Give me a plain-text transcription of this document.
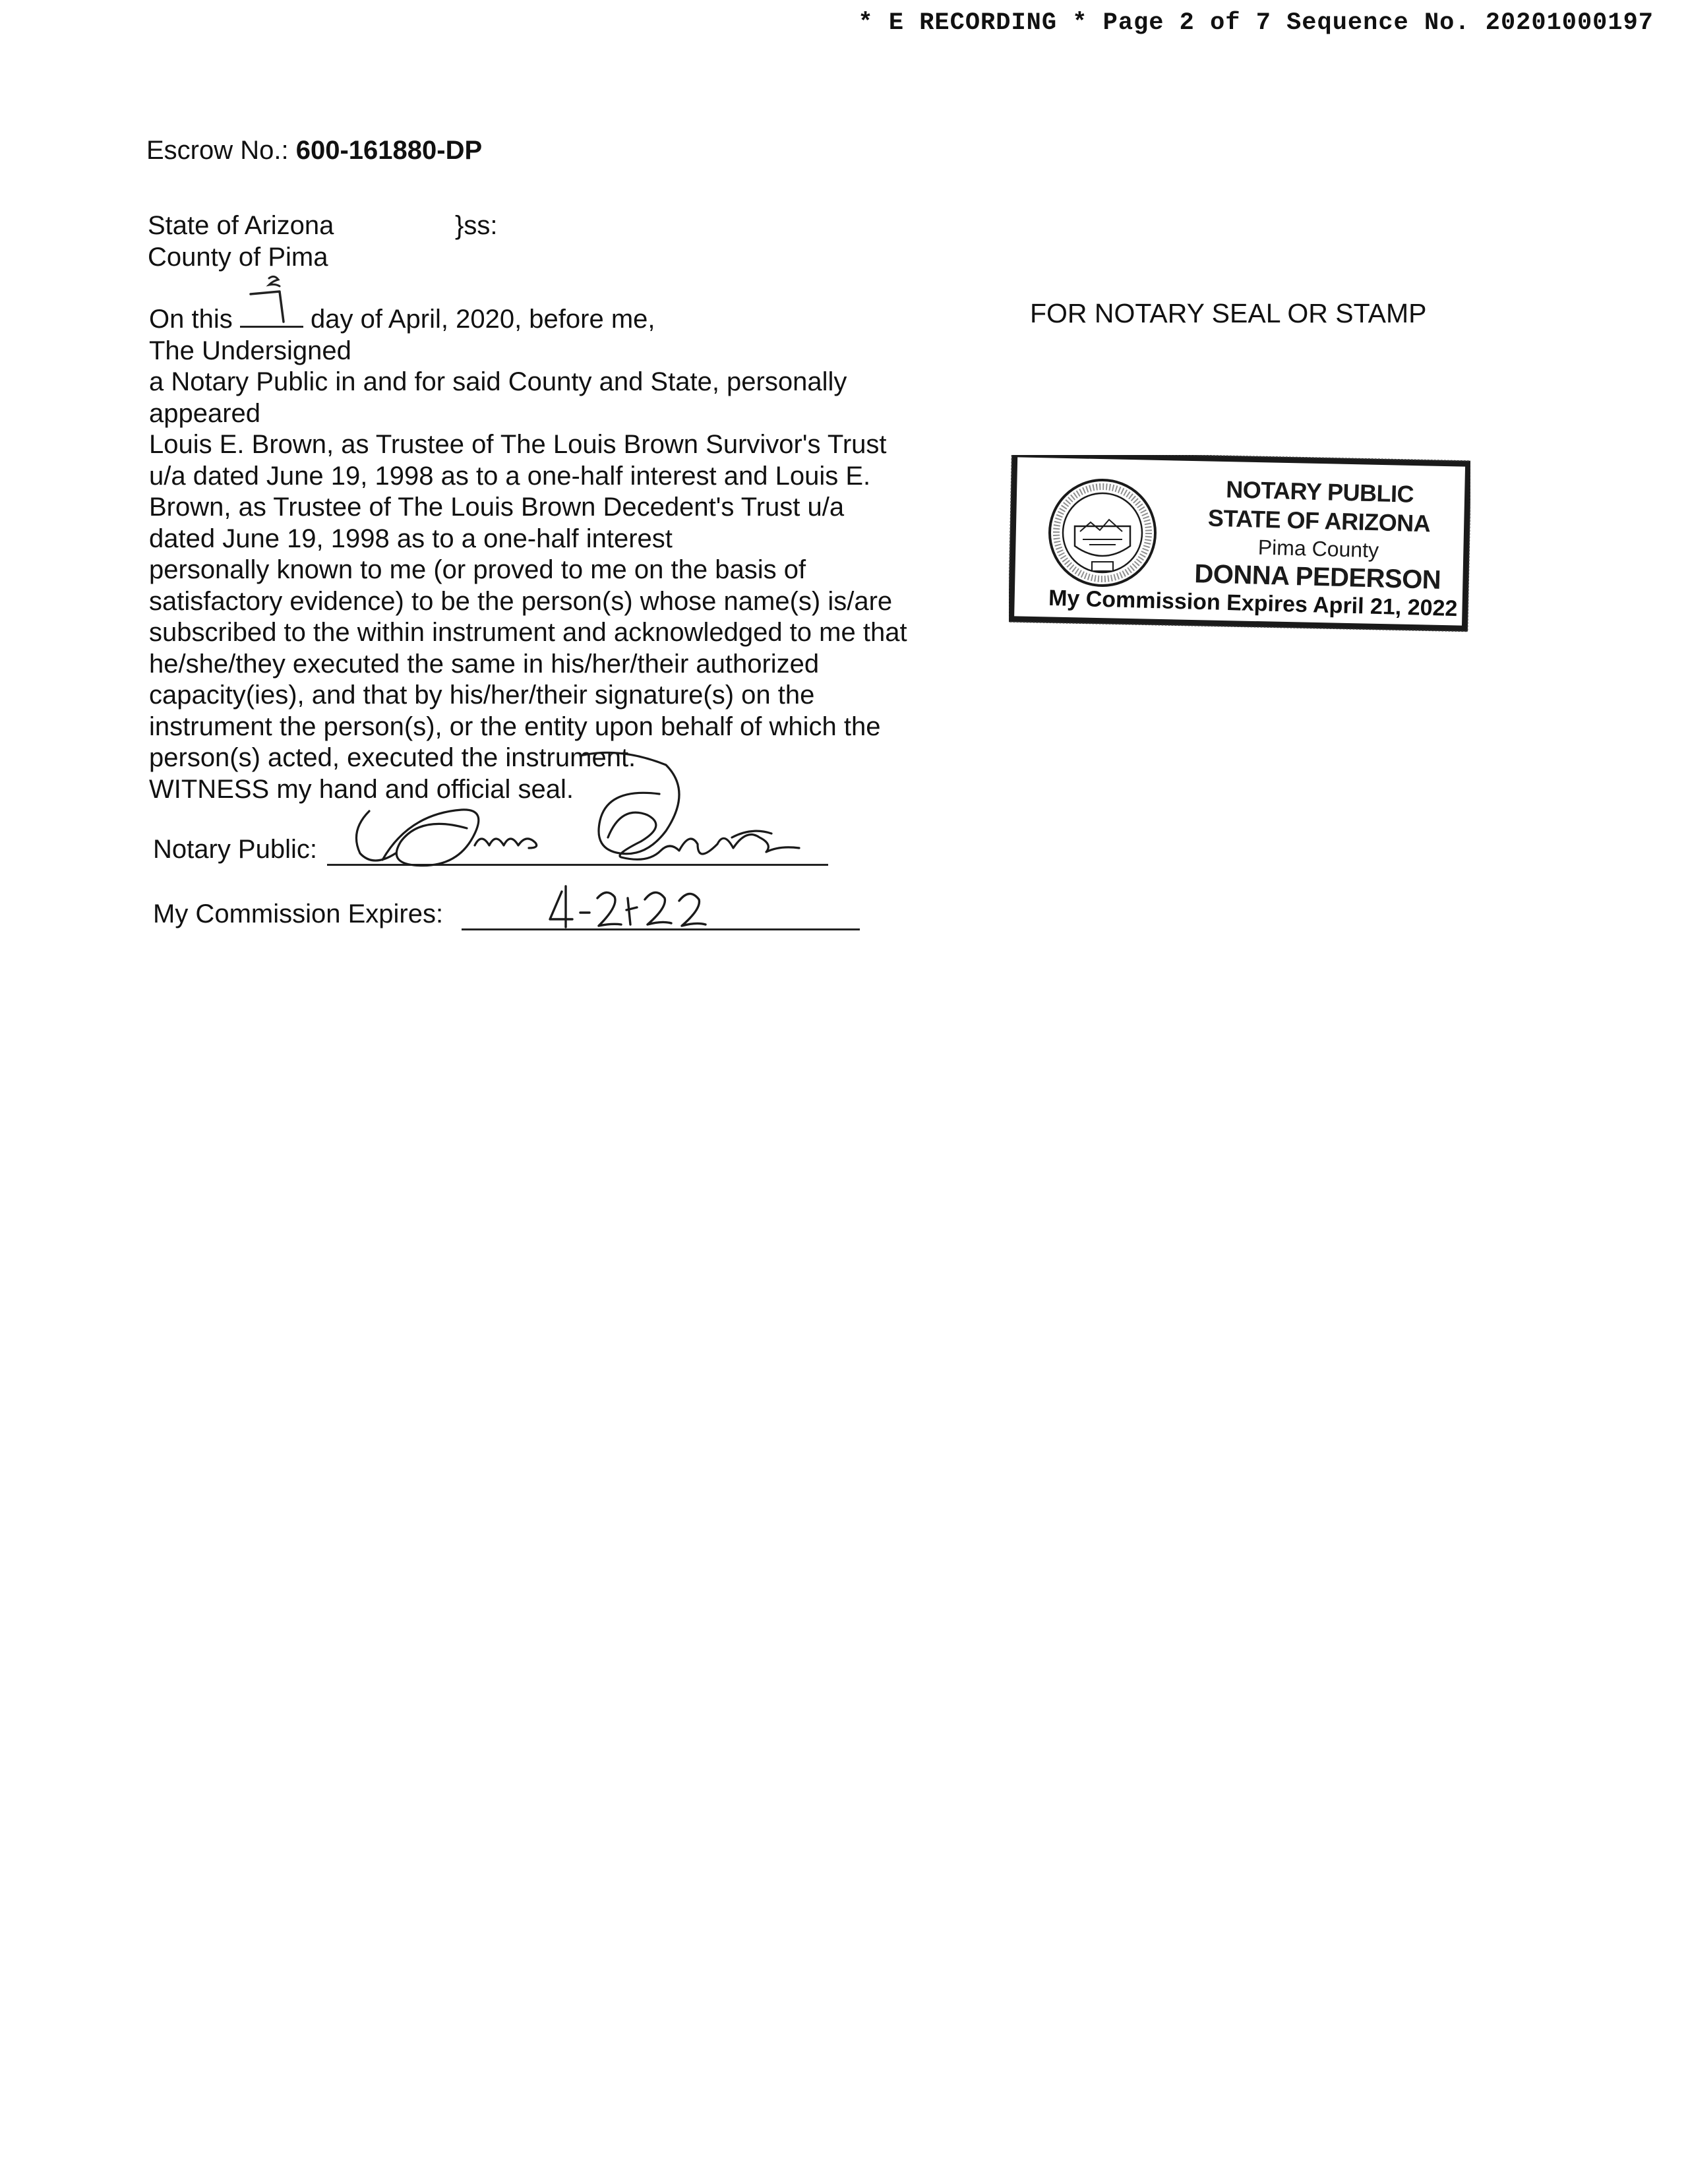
* E RECORDING * Page 2 of 7 Sequence No. 20201000197
Escrow No.: 600-161880-DP
State of Arizona
County of Pima
}ss:
On this	day of April, 2020, before me,
The Undersigned
a Notary Public in and for said County and State, personally
appeared
Louis E. Brown, as Trustee of The Louis Brown Survivor's Trust
u/a dated June 19, 1998 as to a one-half interest and Louis E.
Brown, as Trustee of The Louis Brown Decedent's Trust u/a
dated June 19, 1998 as to a one-half interest
personally known to me (or proved to me on the basis of
satisfactory evidence) to be the person(s) whose name(s) is/are
subscribed to the within instrument and acknowledged to me that
he/she/they executed the same in his/her/their authorized
capacity(ies), and that by his/her/their signature(s) on the
instrument the person(s), or the entity upon behalf of which the
person(s) acted, executed the instrument.
WITNESS my hand and official seal.
Notary Public:
My Commission Expires:
FOR NOTARY SEAL OR STAMP
NOTARY PUBLIC
STATE OF ARIZONA
Pima County
DONNA PEDERSON
My Commission Expires April 21, 2022
